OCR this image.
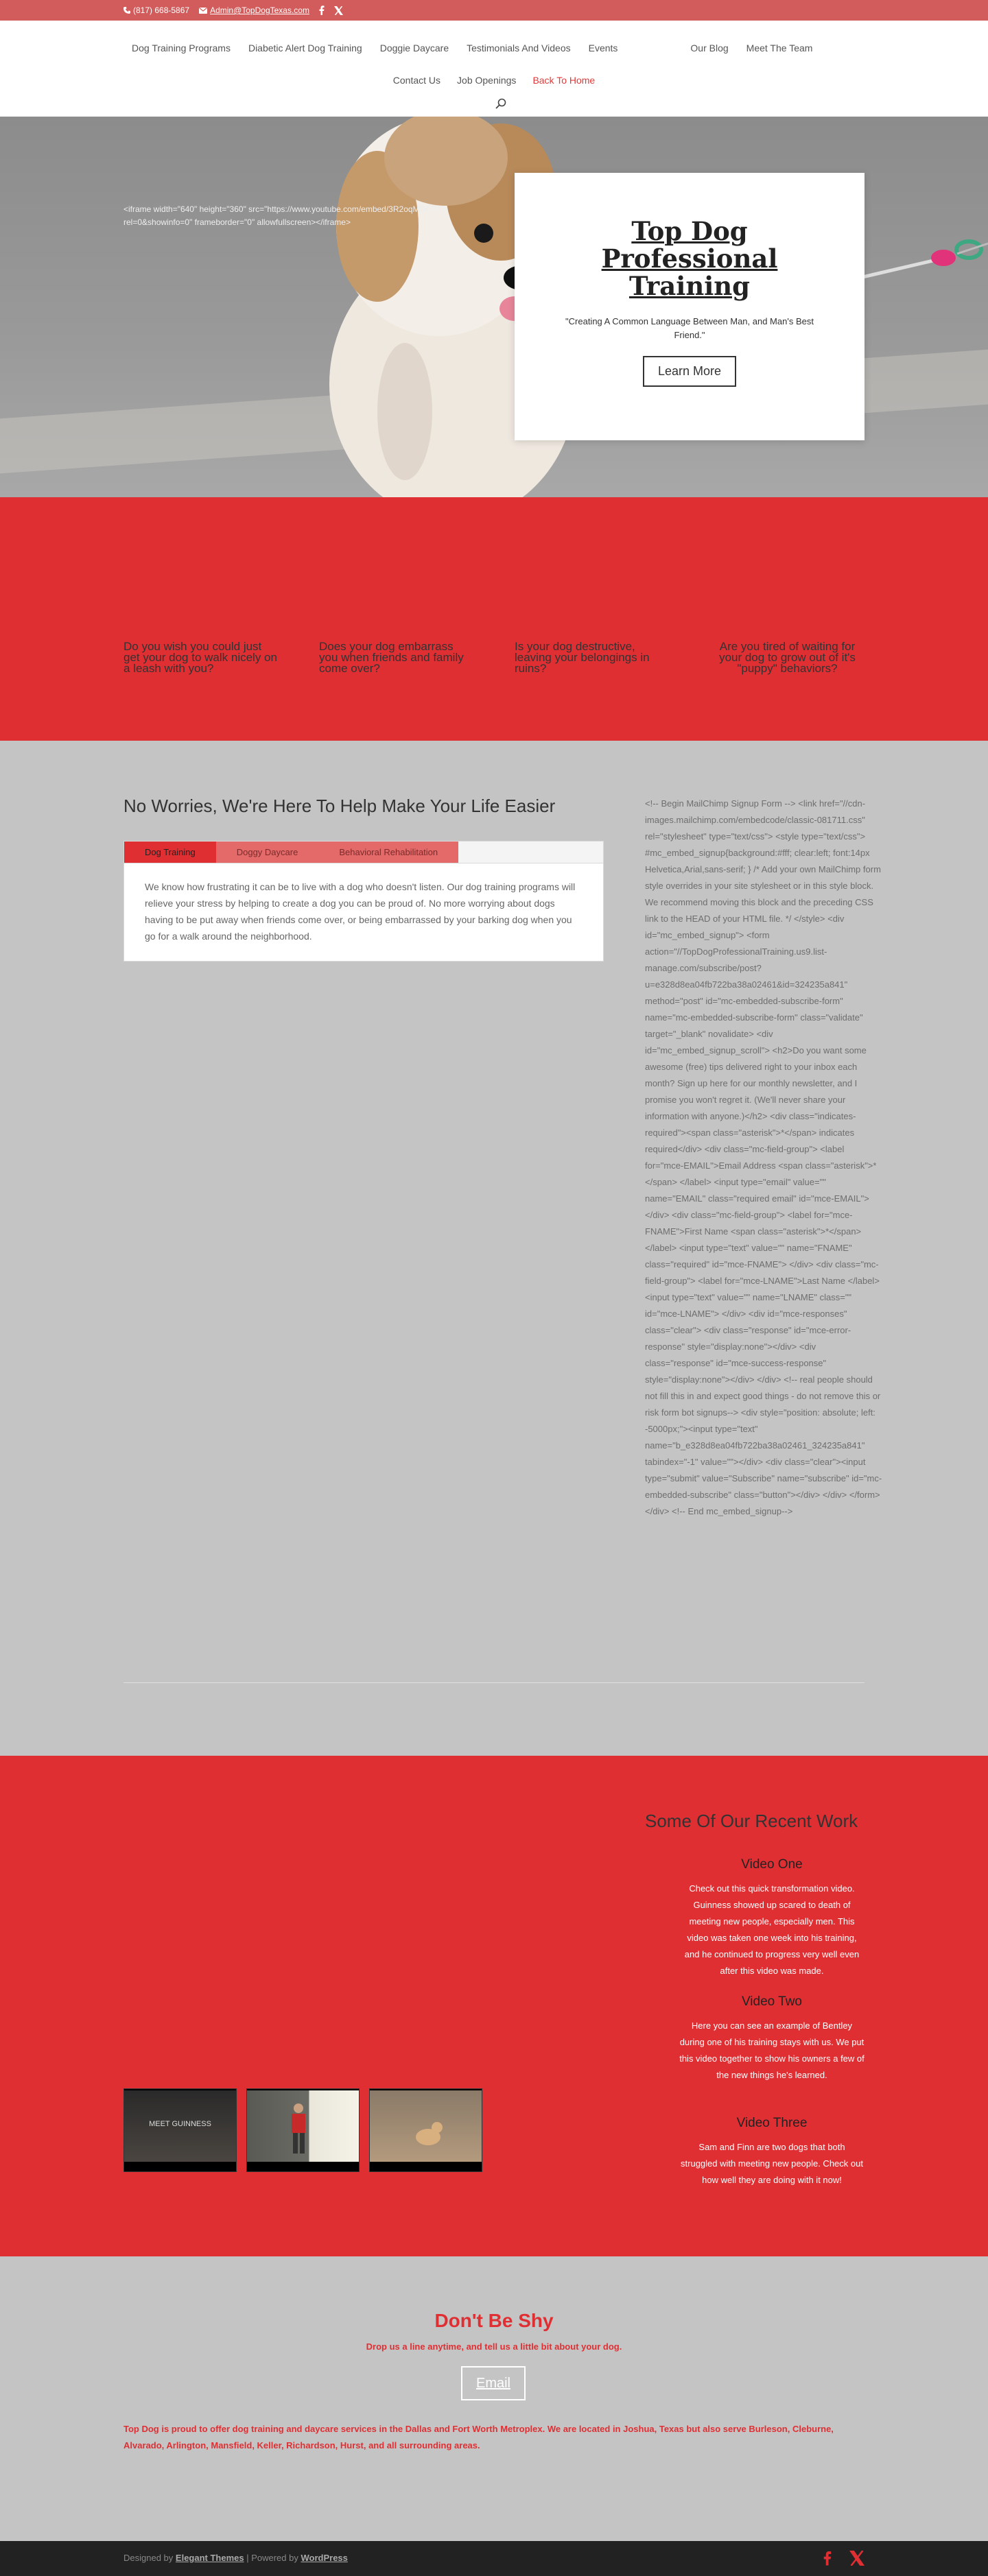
(817) 668-5867	Admin@TopDogTexas.com
Dog Training Programs Diabetic Alert Dog Training Doggie Daycare Testimonials And Videos Events	Our Blog Meet The Team
Contact Us Job Openings Back To Home
<iframe width="640" height="360" src="https://www.youtube.com/embed/3R2oqMzrI-Ps?rel=0&showinfo=0" frameborder="0" allowfullscreen></iframe>	Top Dog Professional Training
"Creating A Common Language Between Man, and Man's Best Friend."
Learn More
Do you wish you could just get your dog to walk nicely on a leash with you?
Does your dog embarrass you when friends and family come over?
Is your dog destructive, leaving your belongings in ruins?
Are you tired of waiting for your dog to grow out of it's "puppy" behaviors?
No Worries, We're Here To Help Make Your Life Easier
Dog Training	Doggy Daycare	Behavioral Rehabilitation
We know how frustrating it can be to live with a dog who doesn't listen. Our dog training programs will relieve your stress by helping to create a dog you can be proud of. No more worrying about dogs having to be put away when friends come over, or being embarrassed by your barking dog when you go for a walk around the neighborhood.
<!-- Begin MailChimp Signup Form --> <link href="//cdn-images.mailchimp.com/embedcode/classic-081711.css" rel="stylesheet" type="text/css"> <style type="text/css"> #mc_embed_signup{background:#fff; clear:left; font:14px Helvetica,Arial,sans-serif; } /* Add your own MailChimp form style overrides in your site stylesheet or in this style block. We recommend moving this block and the preceding CSS link to the HEAD of your HTML file. */ </style> <div id="mc_embed_signup"> <form action="//TopDogProfessionalTraining.us9.list-manage.com/subscribe/post?u=e328d8ea04fb722ba38a02461&id=324235a841" method="post" id="mc-embedded-subscribe-form" name="mc-embedded-subscribe-form" class="validate" target="_blank" novalidate> <div id="mc_embed_signup_scroll"> <h2>Do you want some awesome (free) tips delivered right to your inbox each month? Sign up here for our monthly newsletter, and I promise you won't regret it. (We'll never share your information with anyone.)</h2> <div class="indicates-required"><span class="asterisk">*</span> indicates required</div> <div class="mc-field-group"> <label for="mce-EMAIL">Email Address <span class="asterisk">*</span> </label> <input type="email" value="" name="EMAIL" class="required email" id="mce-EMAIL"> </div> <div class="mc-field-group"> <label for="mce-FNAME">First Name <span class="asterisk">*</span> </label> <input type="text" value="" name="FNAME" class="required" id="mce-FNAME"> </div> <div class="mc-field-group"> <label for="mce-LNAME">Last Name </label> <input type="text" value="" name="LNAME" class="" id="mce-LNAME"> </div> <div id="mce-responses" class="clear"> <div class="response" id="mce-error-response" style="display:none"></div> <div class="response" id="mce-success-response" style="display:none"></div> </div> <!-- real people should not fill this in and expect good things - do not remove this or risk form bot signups--> <div style="position: absolute; left: -5000px;"><input type="text" name="b_e328d8ea04fb722ba38a02461_324235a841" tabindex="-1" value=""></div> <div class="clear"><input type="submit" value="Subscribe" name="subscribe" id="mc-embedded-subscribe" class="button"></div> </div> </form> </div> <!-- End mc_embed_signup-->
Some Of Our Recent Work
Video One
Check out this quick transformation video. Guinness showed up scared to death of meeting new people, especially men. This video was taken one week into his training, and he continued to progress very well even after this video was made.
Video Two
Here you can see an example of Bentley during one of his training stays with us. We put this video together to show his owners a few of the new things he's learned.
Video Three
Sam and Finn are two dogs that both struggled with meeting new people. Check out how well they are doing with it now!
MEET GUINNESS
Don't Be Shy
Drop us a line anytime, and tell us a little bit about your dog.
Email
Top Dog is proud to offer dog training and daycare services in the Dallas and Fort Worth Metroplex. We are located in Joshua, Texas but also serve Burleson, Cleburne, Alvarado, Arlington, Mansfield, Keller, Richardson, Hurst, and all surrounding areas.
Designed by Elegant Themes | Powered by WordPress
